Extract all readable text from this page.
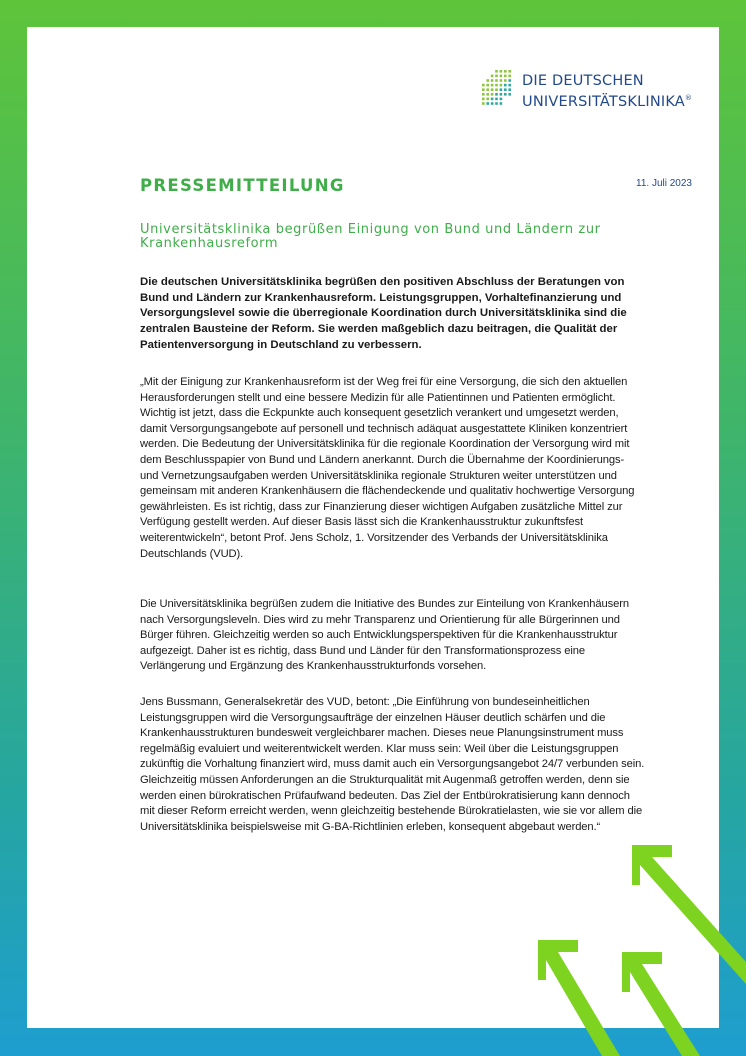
DIE DEUTSCHEN
UNIVERSITÄTSKLINIKA®
PRESSEMITTEILUNG	11. Juli 2023
Universitätsklinika begrüßen Einigung von Bund und Ländern zur Krankenhausreform
Die deutschen Universitätsklinika begrüßen den positiven Abschluss der Beratungen von Bund und Ländern zur Krankenhausreform. Leistungsgruppen, Vorhaltefinanzierung und Versorgungslevel sowie die überregionale Koordination durch Universitätsklinika sind die zentralen Bausteine der Reform. Sie werden maßgeblich dazu beitragen, die Qualität der Patientenversorgung in Deutschland zu verbessern.
„Mit der Einigung zur Krankenhausreform ist der Weg frei für eine Versorgung, die sich den aktuellen Herausforderungen stellt und eine bessere Medizin für alle Patientinnen und Patienten ermöglicht. Wichtig ist jetzt, dass die Eckpunkte auch konsequent gesetzlich verankert und umgesetzt werden, damit Versorgungsangebote auf personell und technisch adäquat ausgestattete Kliniken konzentriert werden. Die Bedeutung der Universitätsklinika für die regionale Koordination der Versorgung wird mit dem Beschlusspapier von Bund und Ländern anerkannt. Durch die Übernahme der Koordinierungs- und Vernetzungsaufgaben werden Universitätsklinika regionale Strukturen weiter unterstützen und gemeinsam mit anderen Krankenhäusern die flächendeckende und qualitativ hochwertige Versorgung gewährleisten. Es ist richtig, dass zur Finanzierung dieser wichtigen Aufgaben zusätzliche Mittel zur Verfügung gestellt werden. Auf dieser Basis lässt sich die Krankenhausstruktur zukunftsfest weiterentwickeln“, betont Prof. Jens Scholz, 1. Vorsitzender des Verbands der Universitätsklinika Deutschlands (VUD).
Die Universitätsklinika begrüßen zudem die Initiative des Bundes zur Einteilung von Krankenhäusern nach Versorgungsleveln. Dies wird zu mehr Transparenz und Orientierung für alle Bürgerinnen und Bürger führen. Gleichzeitig werden so auch Entwicklungsperspektiven für die Krankenhausstruktur aufgezeigt. Daher ist es richtig, dass Bund und Länder für den Transformationsprozess eine Verlängerung und Ergänzung des Krankenhausstrukturfonds vorsehen.
Jens Bussmann, Generalsekretär des VUD, betont: „Die Einführung von bundeseinheitlichen Leistungsgruppen wird die Versorgungsaufträge der einzelnen Häuser deutlich schärfen und die Krankenhausstrukturen bundesweit vergleichbarer machen. Dieses neue Planungsinstrument muss regelmäßig evaluiert und weiterentwickelt werden. Klar muss sein: Weil über die Leistungsgruppen zukünftig die Vorhaltung finanziert wird, muss damit auch ein Versorgungsangebot 24/7 verbunden sein. Gleichzeitig müssen Anforderungen an die Strukturqualität mit Augenmaß getroffen werden, denn sie werden einen bürokratischen Prüfaufwand bedeuten. Das Ziel der Entbürokratisierung kann dennoch mit dieser Reform erreicht werden, wenn gleichzeitig bestehende Bürokratielasten, wie sie vor allem die Universitätsklinika beispielsweise mit G-BA-Richtlinien erleben, konsequent abgebaut werden.“
